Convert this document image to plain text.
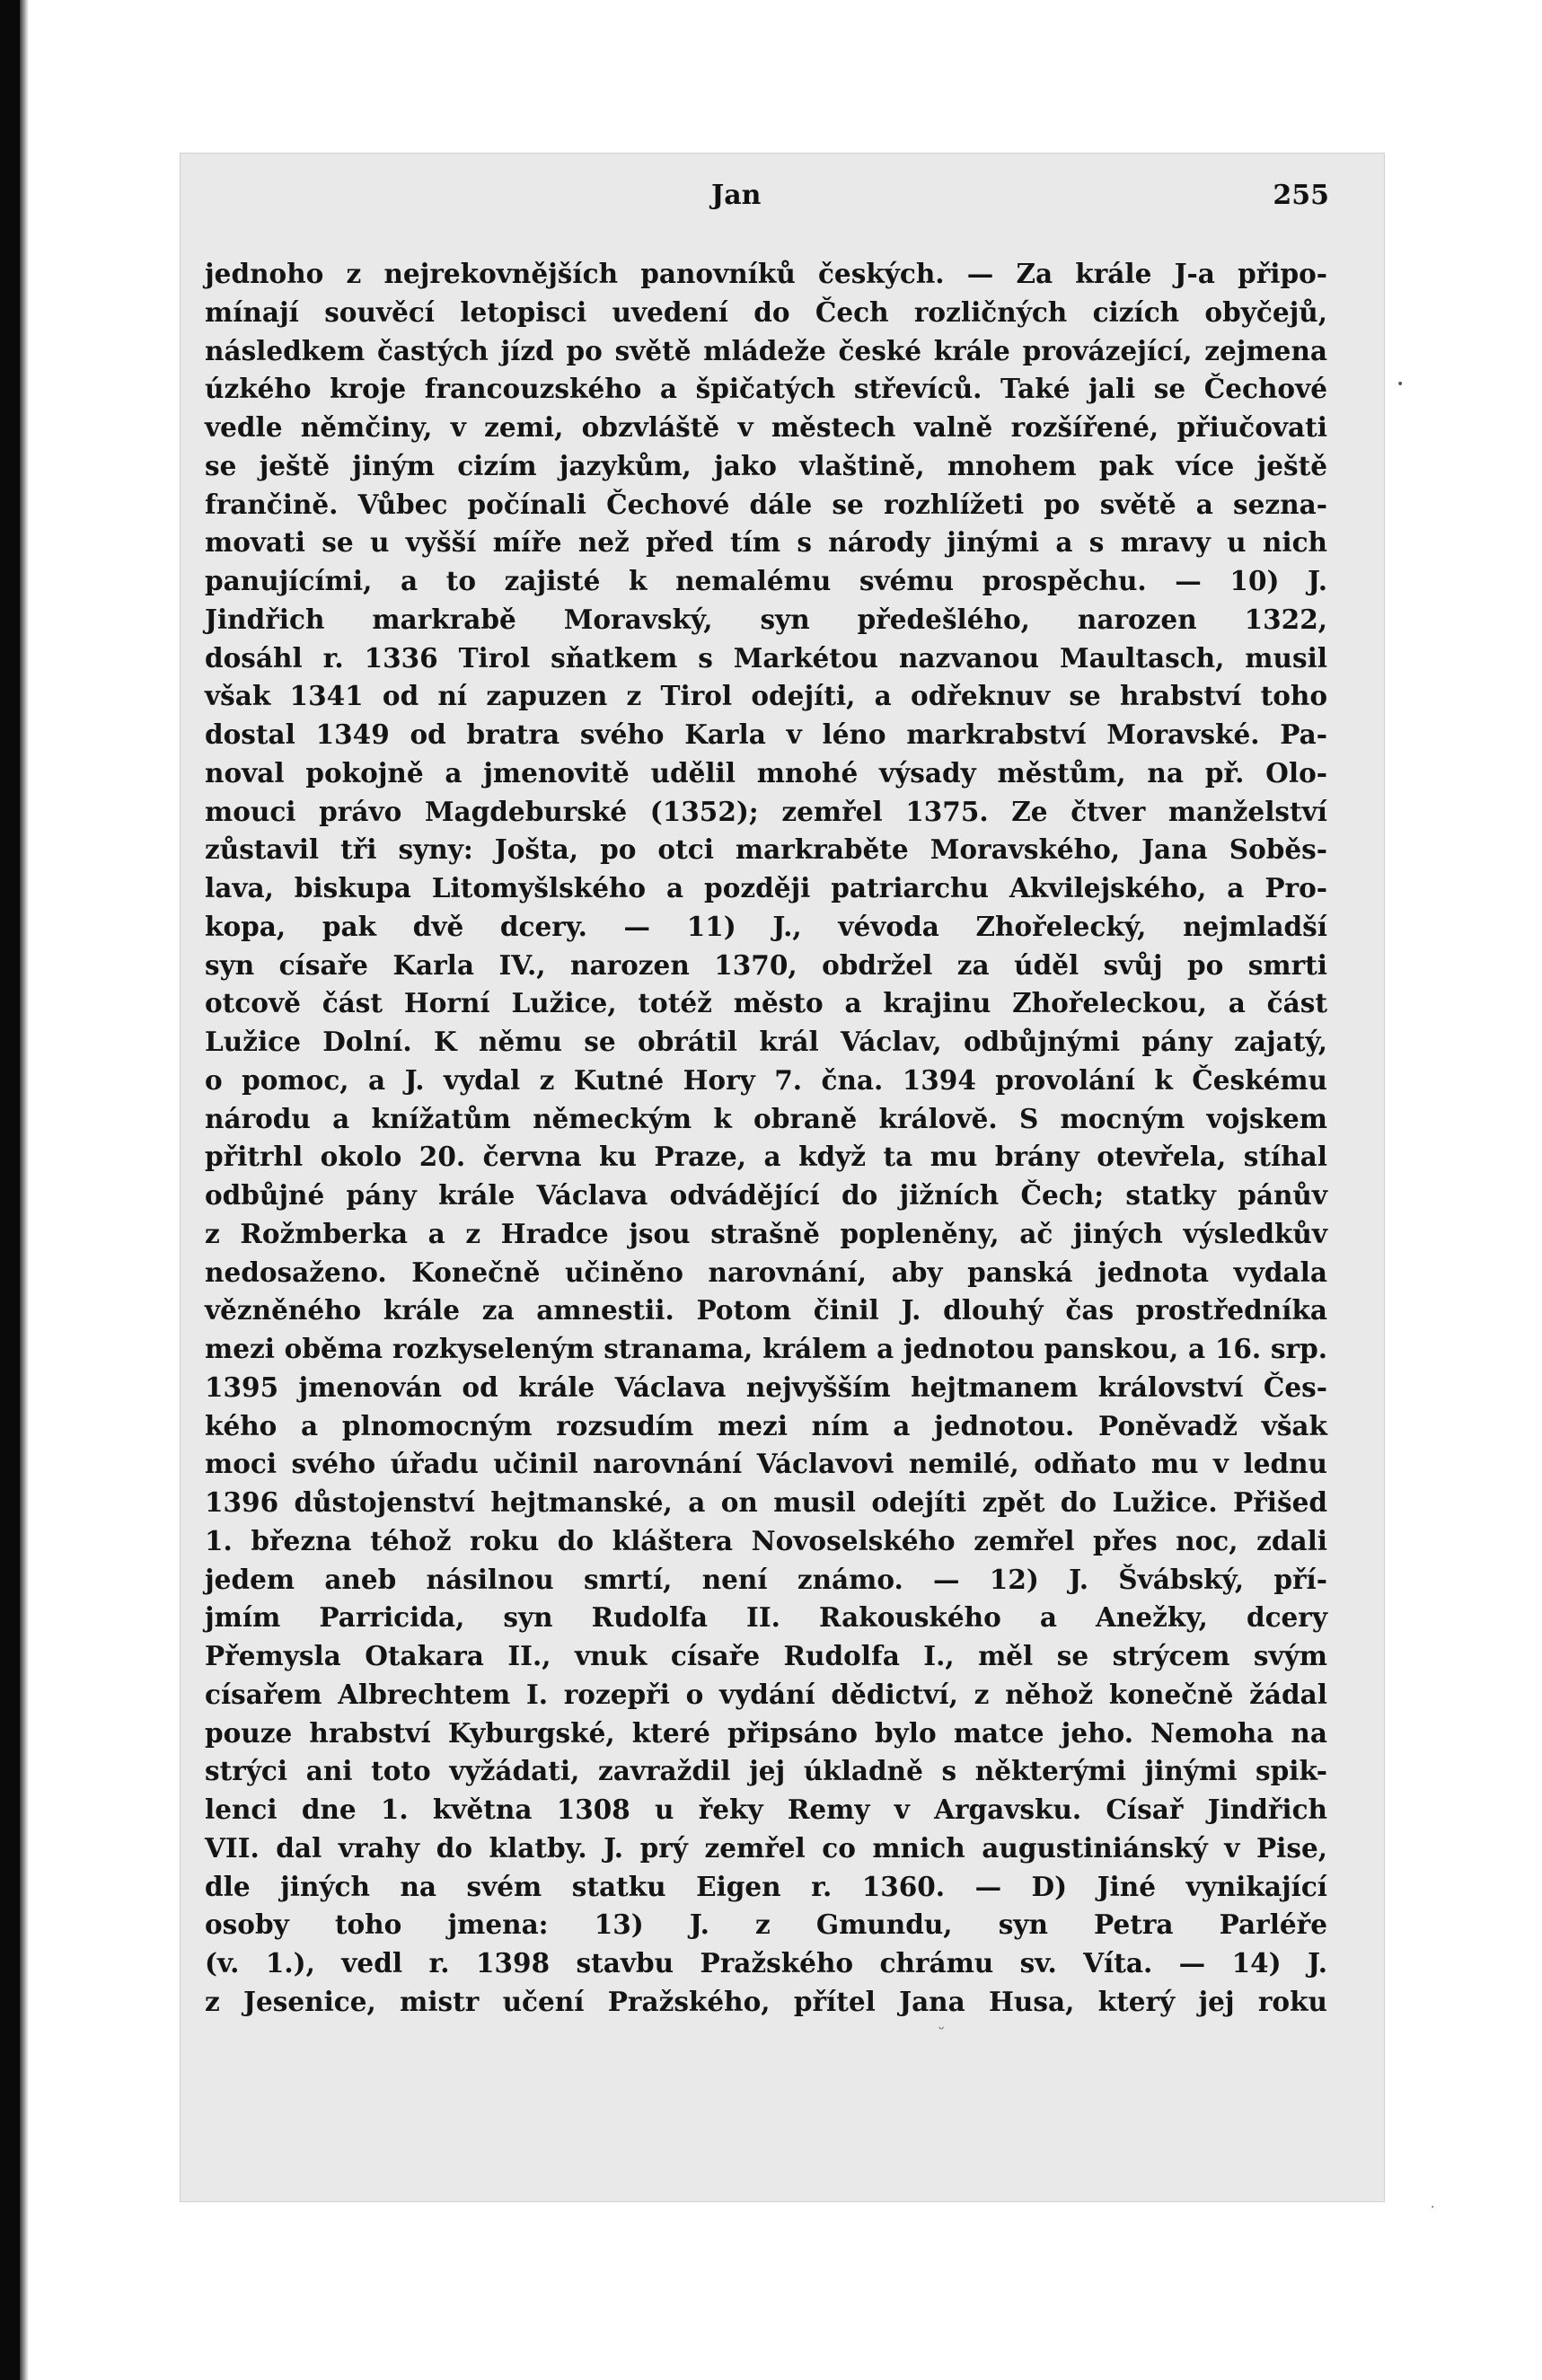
Jan	255
jednoho z nejrekovnějších panovníků českých. — Za krále J-a připo-
mínají souvěcí letopisci uvedení do Čech rozličných cizích obyčejů,
následkem častých jízd po světě mládeže české krále provázející, zejmena
úzkého kroje francouzského a špičatých střevíců. Také jali se Čechové
vedle němčiny, v zemi, obzvláště v městech valně rozšířené, přiučovati
se ještě jiným cizím jazykům, jako vlaštině, mnohem pak více ještě
frančině. Vůbec počínali Čechové dále se rozhlížeti po světě a sezna-
movati se u vyšší míře než před tím s národy jinými a s mravy u nich
panujícími, a to zajisté k nemalému svému prospěchu. — 10) J.
Jindřich markrabě Moravský, syn předešlého, narozen 1322,
dosáhl r. 1336 Tirol sňatkem s Markétou nazvanou Maultasch, musil
však 1341 od ní zapuzen z Tirol odejíti, a odřeknuv se hrabství toho
dostal 1349 od bratra svého Karla v léno markrabství Moravské. Pa-
noval pokojně a jmenovitě udělil mnohé výsady městům, na př. Olo-
mouci právo Magdeburské (1352); zemřel 1375. Ze čtver manželství
zůstavil tři syny: Jošta, po otci markraběte Moravského, Jana Soběs-
lava, biskupa Litomyšlského a později patriarchu Akvilejského, a Pro-
kopa, pak dvě dcery. — 11) J., vévoda Zhořelecký, nejmladší
syn císaře Karla IV., narozen 1370, obdržel za úděl svůj po smrti
otcově část Horní Lužice, totéž město a krajinu Zhořeleckou, a část
Lužice Dolní. K němu se obrátil král Václav, odbůjnými pány zajatý,
o pomoc, a J. vydal z Kutné Hory 7. čna. 1394 provolání k Českému
národu a knížatům německým k obraně královĕ. S mocným vojskem
přitrhl okolo 20. června ku Praze, a když ta mu brány otevřela, stíhal
odbůjné pány krále Václava odvádějící do jižních Čech; statky pánův
z Rožmberka a z Hradce jsou strašně popleněny, ač jiných výsledkův
nedosaženo. Konečně učiněno narovnání, aby panská jednota vydala
vězněného krále za amnestii. Potom činil J. dlouhý čas prostředníka
mezi oběma rozkyseleným stranama, králem a jednotou panskou, a 16. srp.
1395 jmenován od krále Václava nejvyšším hejtmanem království Čes-
kého a plnomocným rozsudím mezi ním a jednotou. Poněvadž však
moci svého úřadu učinil narovnání Václavovi nemilé, odňato mu v lednu
1396 důstojenství hejtmanské, a on musil odejíti zpět do Lužice. Přišed
1. března téhož roku do kláštera Novoselského zemřel přes noc, zdali
jedem aneb násilnou smrtí, není známo. — 12) J. Švábský, pří-
jmím Parricida, syn Rudolfa II. Rakouského a Anežky, dcery
Přemysla Otakara II., vnuk císaře Rudolfa I., měl se strýcem svým
císařem Albrechtem I. rozepři o vydání dědictví, z něhož konečně žádal
pouze hrabství Kyburgské, které připsáno bylo matce jeho. Nemoha na
strýci ani toto vyžádati, zavraždil jej úkladně s některými jinými spik-
lenci dne 1. května 1308 u řeky Remy v Argavsku. Císař Jindřich
VII. dal vrahy do klatby. J. prý zemřel co mnich augustiniánský v Pise,
dle jiných na svém statku Eigen r. 1360. — D) Jiné vynikající
osoby toho jmena: 13) J. z Gmundu, syn Petra Parléře
(v. 1.), vedl r. 1398 stavbu Pražského chrámu sv. Víta. — 14) J.
z Jesenice, mistr učení Pražského, přítel Jana Husa, který jej roku
•
ᵕ
·
